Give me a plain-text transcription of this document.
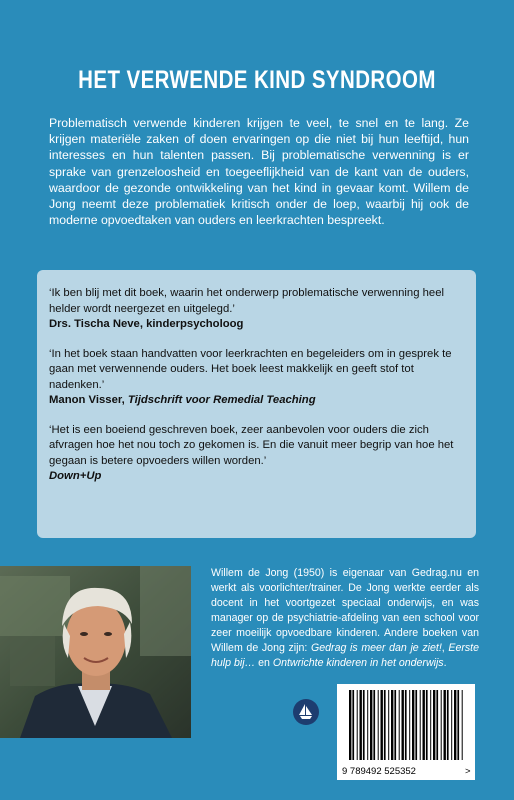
HET VERWENDE KIND SYNDROOM

Problematisch verwende kinderen krijgen te veel, te snel en te lang. Ze krijgen materiële zaken of doen ervaringen op die niet bij hun leeftijd, hun interesses en hun talenten passen. Bij problematische verwenning is er sprake van grenzeloosheid en toegeeflijkheid van de kant van de ouders, waardoor de gezonde ontwikkeling van het kind in gevaar komt. Willem de Jong neemt deze problematiek kritisch onder de loep, waarbij hij ook de moderne opvoedtaken van ouders en leerkrachten bespreekt.

‘Ik ben blij met dit boek, waarin het onderwerp problematische verwenning heel helder wordt neergezet en uitgelegd.’

Drs. Tischa Neve, kinderpsycholoog

‘In het boek staan handvatten voor leerkrachten en begeleiders om in gesprek te gaan met verwennende ouders. Het boek leest makkelijk en geeft stof tot nadenken.’

Manon Visser, Tijdschrift voor Remedial Teaching

‘Het is een boeiend geschreven boek, zeer aanbevolen voor ouders die zich afvragen hoe het nou toch zo gekomen is. En die vanuit meer begrip van hoe het gegaan is betere opvoeders willen worden.’

Down+Up

Willem de Jong (1950) is eigenaar van Gedrag.nu en werkt als voorlichter/trainer. De Jong werkte eerder als docent in het voortgezet speciaal onderwijs, en was manager op de psychiatrie-afdeling van een school voor zeer moeilijk opvoedbare kinderen. Andere boeken van Willem de Jong zijn: Gedrag is meer dan je ziet!, Eerste hulp bij… en Ontwrichte kinderen in het onderwijs.

9 789492 525352	>
